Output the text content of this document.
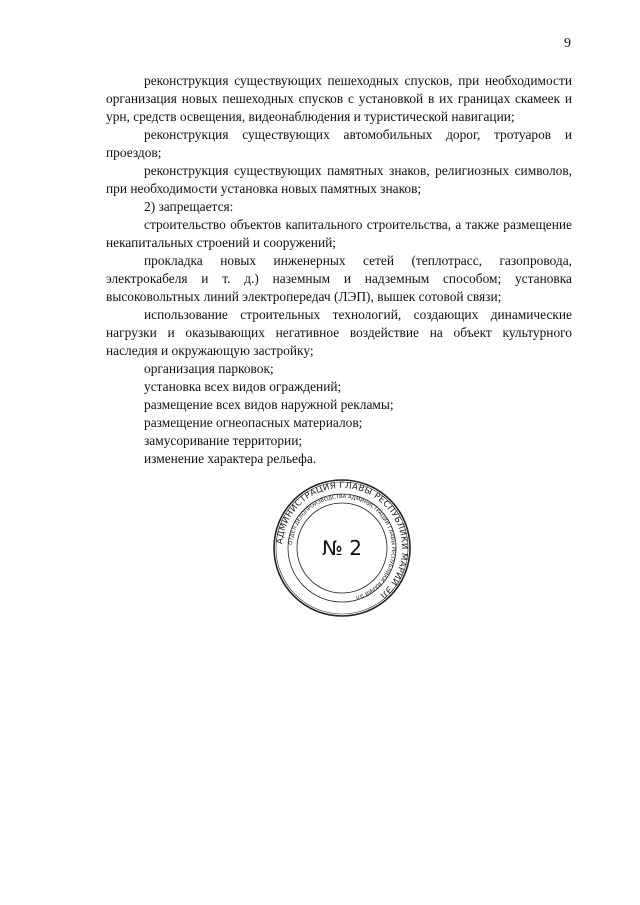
9

реконструкция существующих пешеходных спусков, при необходимости организация новых пешеходных спусков с установкой в их границах скамеек и урн, средств освещения, видеонаблюдения и туристической навигации;

реконструкция существующих автомобильных дорог, тротуаров и проездов;

реконструкция существующих памятных знаков, религиозных символов, при необходимости установка новых памятных знаков;

2) запрещается:

строительство объектов капитального строительства, а также размещение некапитальных строений и сооружений;

прокладка новых инженерных сетей (теплотрасс, газопровода, электрокабеля и т. д.) наземным и надземным способом; установка высоковольтных линий электропередач (ЛЭП), вышек сотовой связи;

использование строительных технологий, создающих динамические нагрузки и оказывающих негативное воздействие на объект культурного наследия и окружающую застройку;

организация парковок;

установка всех видов ограждений;

размещение всех видов наружной рекламы;

размещение огнеопасных материалов;

замусоривание территории;

изменение характера рельефа.

АДМИНИСТРАЦИЯ ГЛАВЫ РЕСПУБЛИКИ МАРИЙ ЭЛ
ОТДЕЛ ДЕЛОПРОИЗВОДСТВА АДМИНИСТРАЦИИ ГЛАВЫ РЕСПУБЛИКИ МАРИЙ ЭЛ
№ 2
